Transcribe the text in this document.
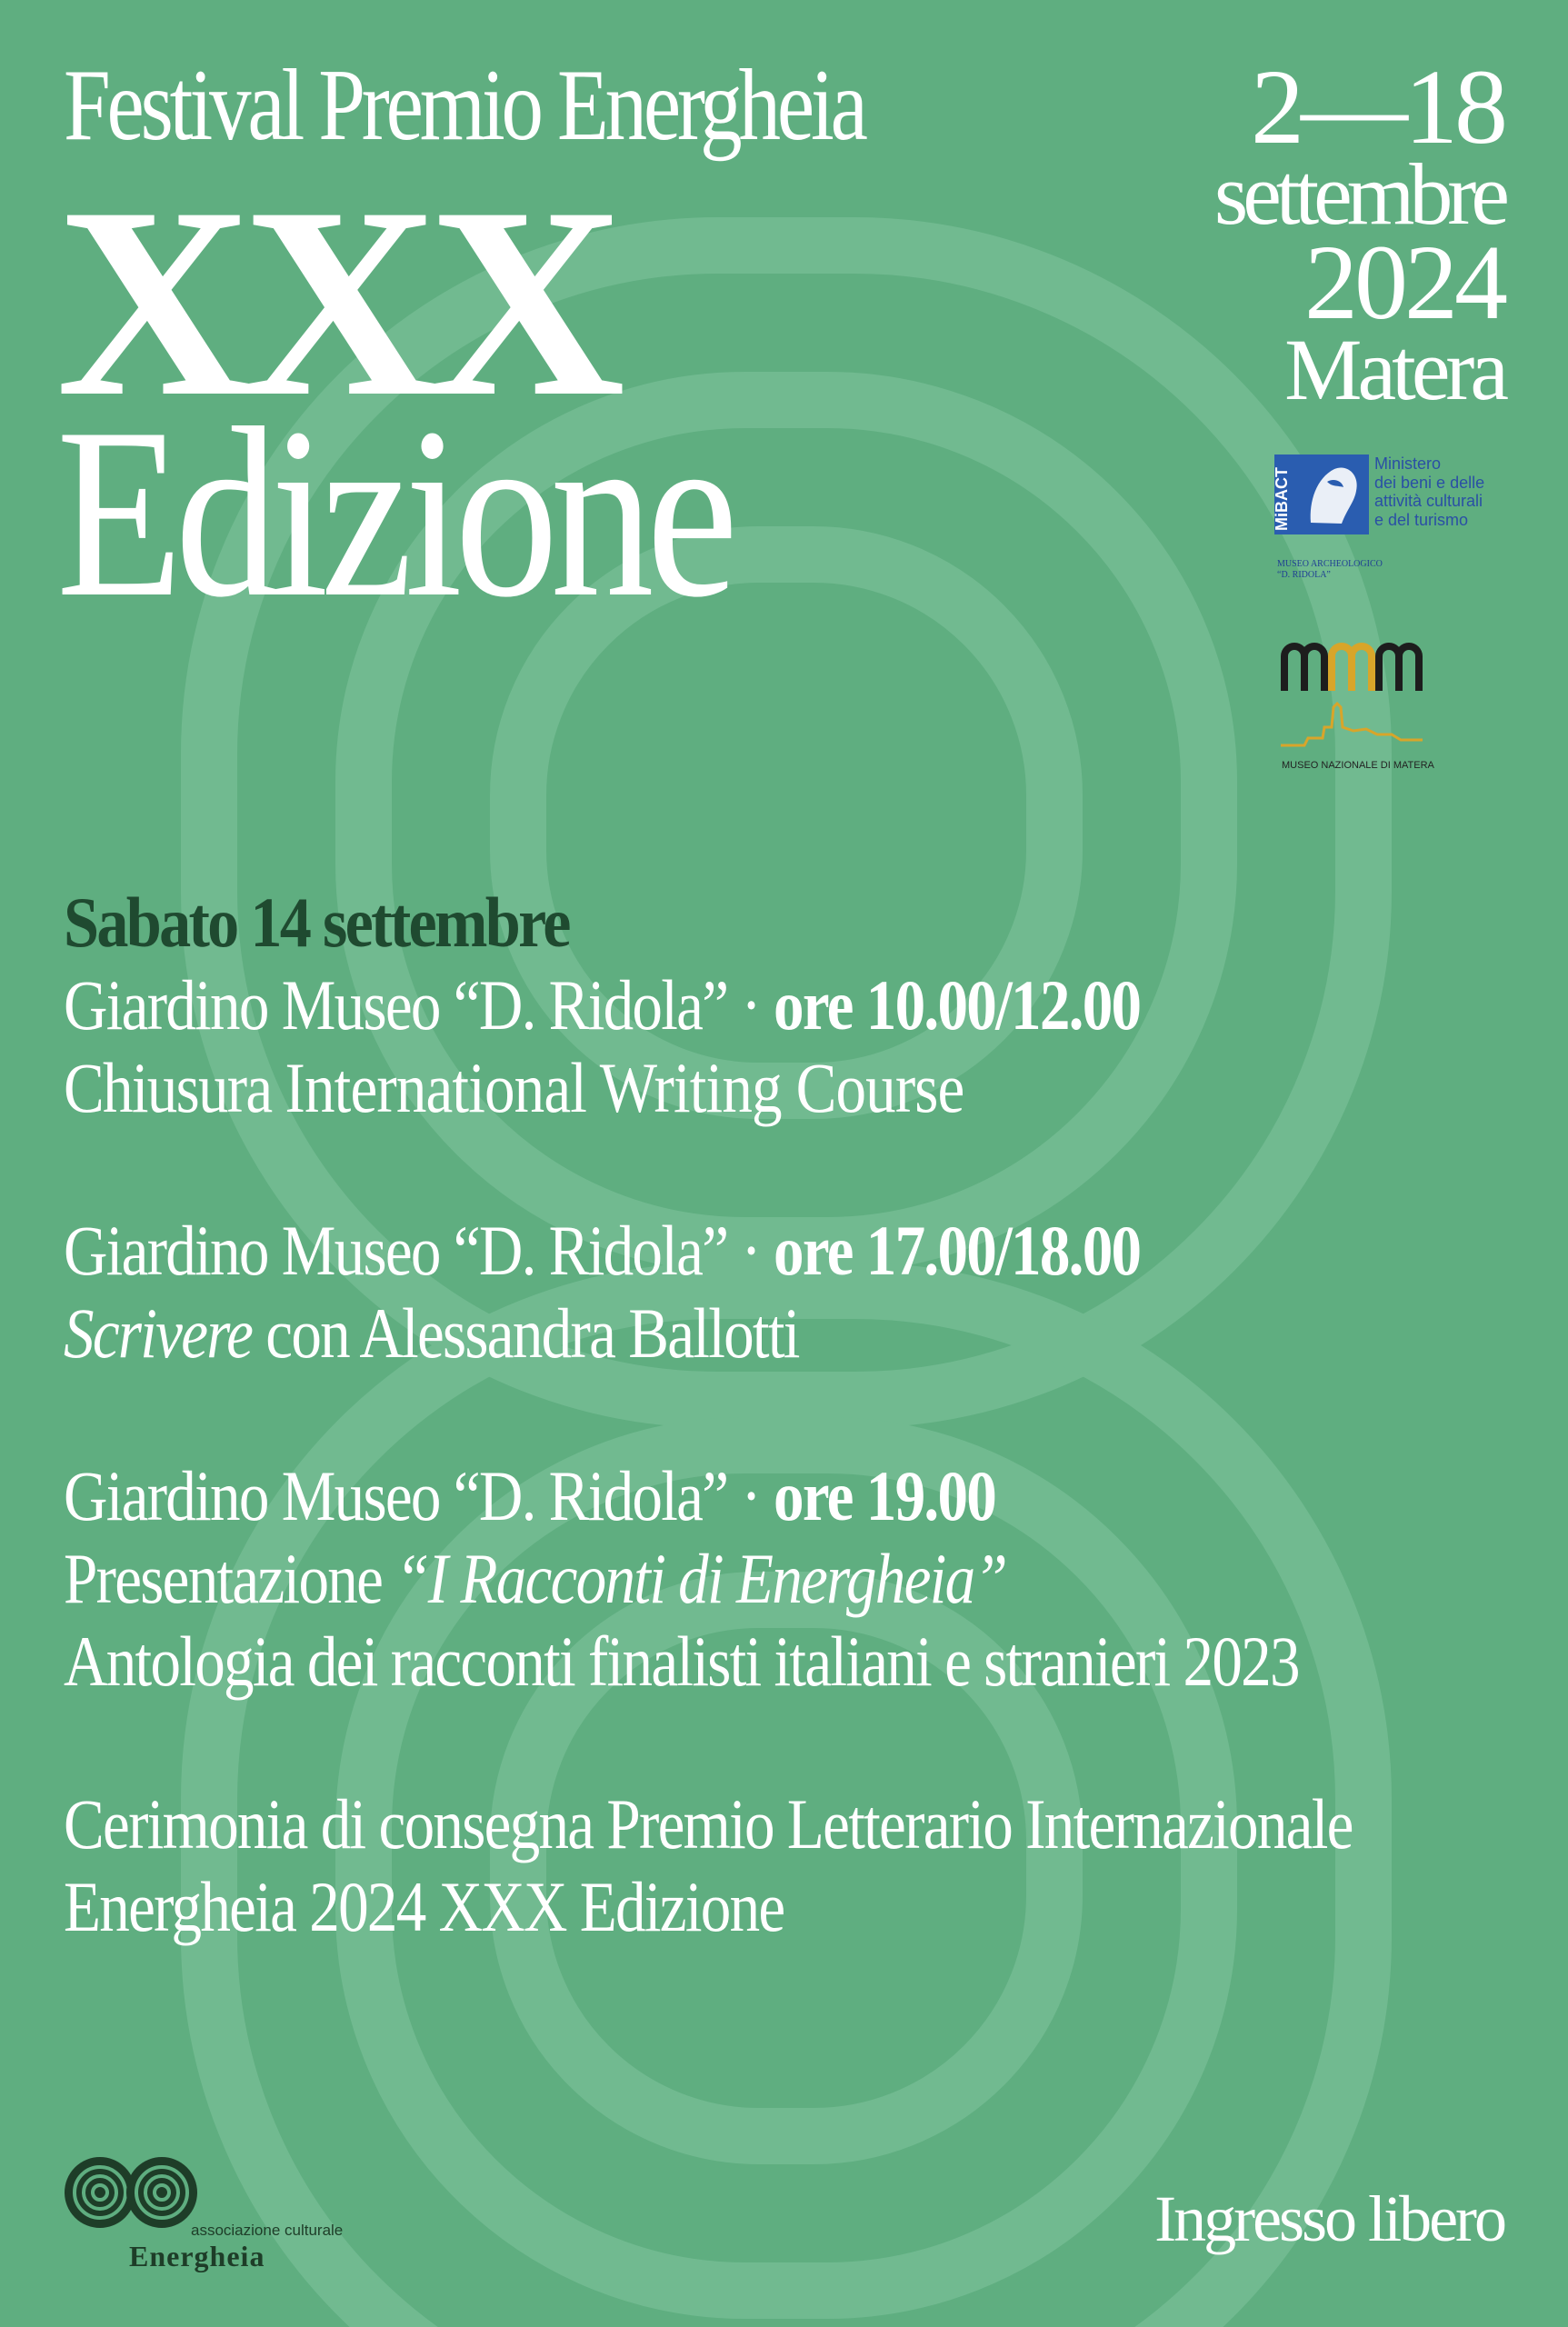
Festival Premio Energheia
XXX
Edizione
2—18
settembre
2024
Matera
MiBACT
Ministero
dei beni e delle
attività culturali
e del turismo
MUSEO ARCHEOLOGICO
“D. RIDOLA”
MUSEO NAZIONALE DI MATERA
Sabato 14 settembre
Giardino Museo “D. Ridola” · ore 10.00/12.00
Chiusura International Writing Course
Giardino Museo “D. Ridola” · ore 17.00/18.00
Scrivere con Alessandra Ballotti
Giardino Museo “D. Ridola” · ore 19.00
Presentazione “I Racconti di Energheia”
Antologia dei racconti finalisti italiani e stranieri 2023
Cerimonia di consegna Premio Letterario Internazionale
Energheia 2024 XXX Edizione
associazione culturale
Energheia
Ingresso libero
